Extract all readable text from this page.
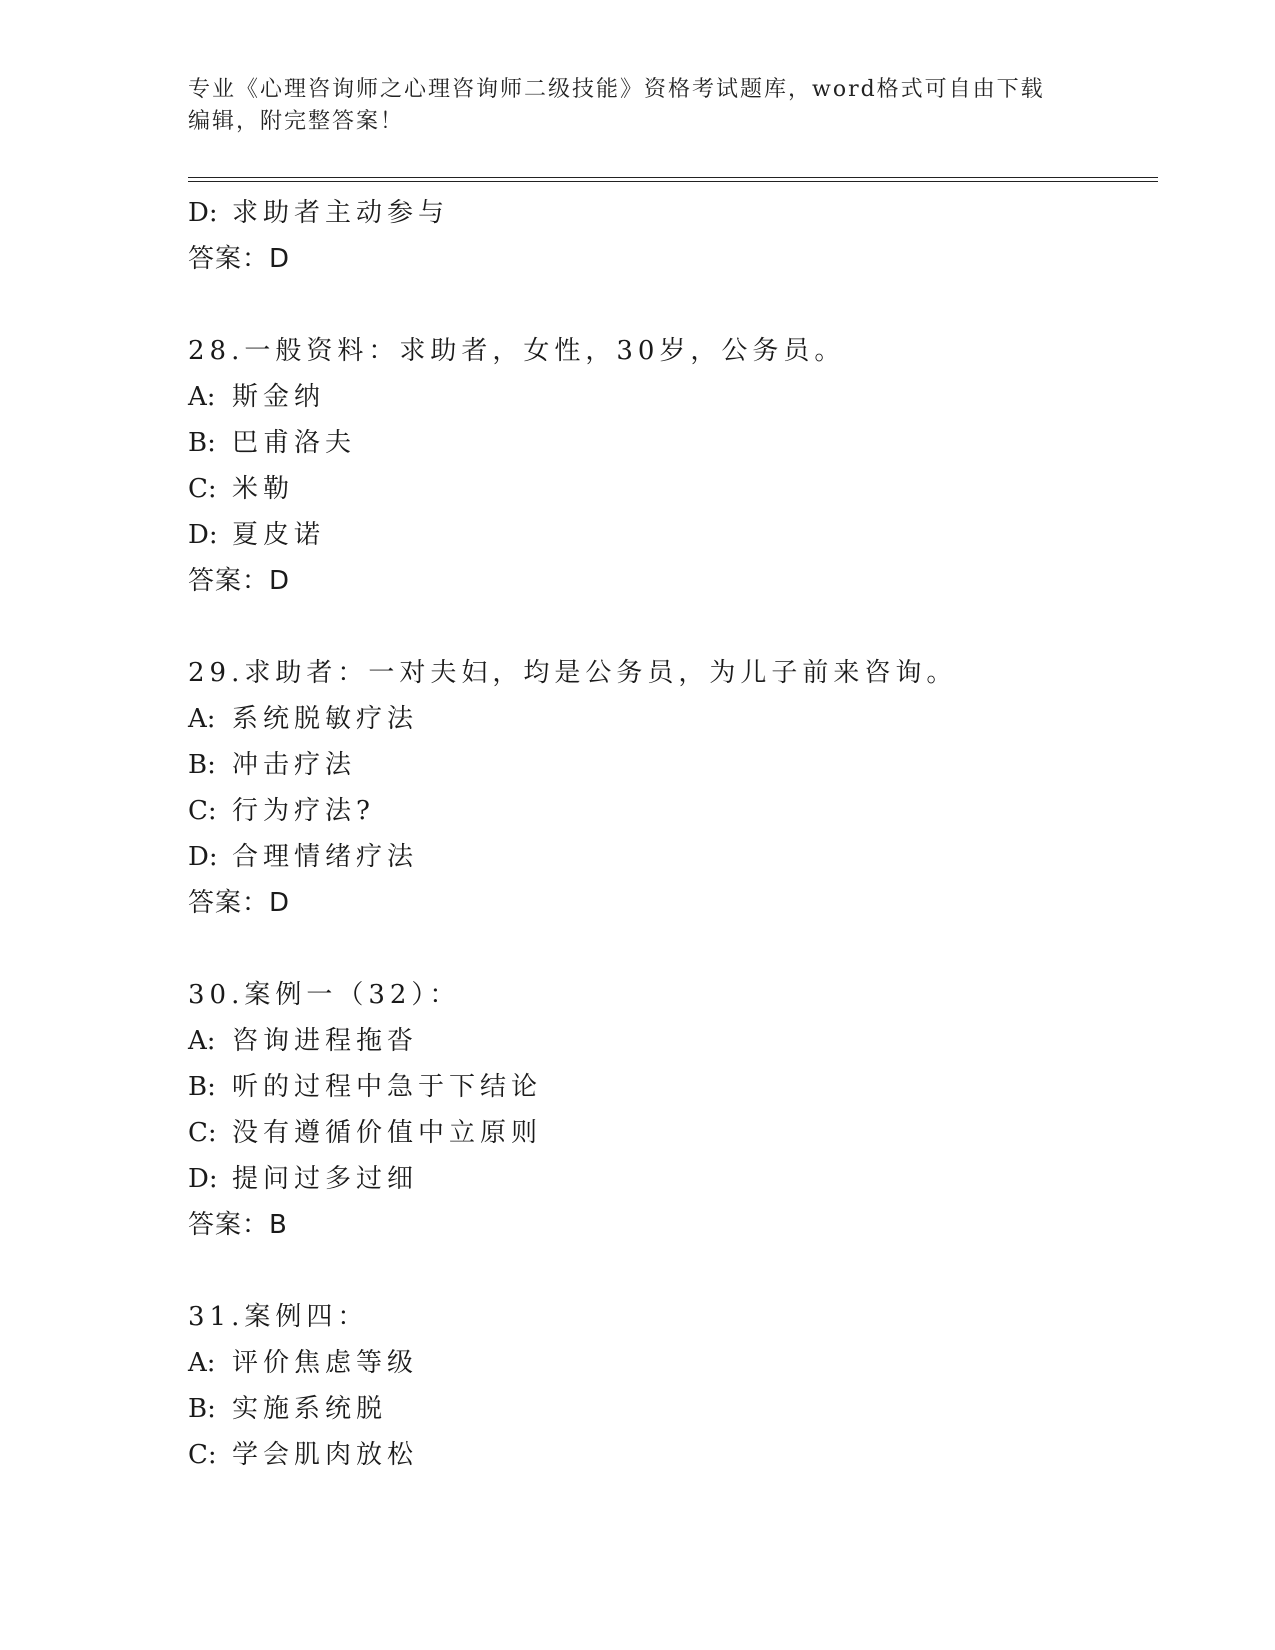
专业《心理咨询师之心理咨询师二级技能》资格考试题库，word格式可自由下载
编辑，附完整答案！
D: 求助者主动参与
答案：D
28.一般资料：求助者，女性，30岁，公务员。
A: 斯金纳
B: 巴甫洛夫
C: 米勒
D: 夏皮诺
答案：D
29.求助者：一对夫妇，均是公务员，为儿子前来咨询。
A: 系统脱敏疗法
B: 冲击疗法
C: 行为疗法?
D: 合理情绪疗法
答案：D
30.案例一（32）：
A: 咨询进程拖沓
B: 听的过程中急于下结论
C: 没有遵循价值中立原则
D: 提问过多过细
答案：B
31.案例四：
A: 评价焦虑等级
B: 实施系统脱
C: 学会肌肉放松
